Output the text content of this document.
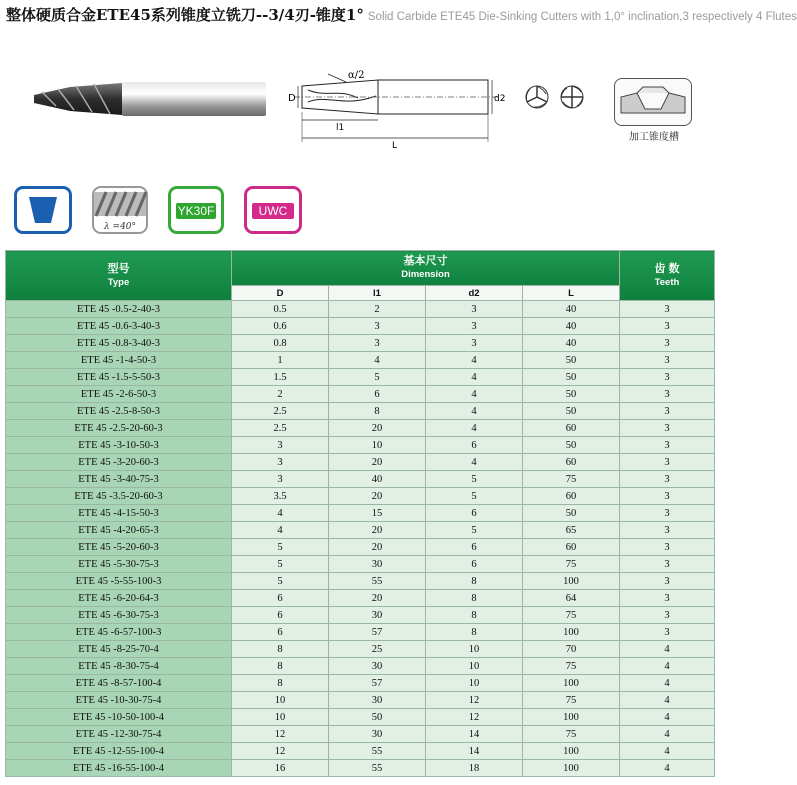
整体硬质合金ETE45系列锥度立铣刀--3/4刃-锥度1° Solid Carbide ETE45 Die-Sinking Cutters with 1,0° inclination,3 respectively 4 Flutes
α/2
D	d2
l1
L
加工锥度槽
λ =40°
YK30F	UWC
型号
Type	基本尺寸
Dimension				齿 数
Teeth

	D	l1	d2	L	
ETE 45 -0.5-2-40-3	0.5	2	3	40	3
ETE 45 -0.6-3-40-3	0.6	3	3	40	3
ETE 45 -0.8-3-40-3	0.8	3	3	40	3
ETE 45 -1-4-50-3	1	4	4	50	3
ETE 45 -1.5-5-50-3	1.5	5	4	50	3
ETE 45 -2-6-50-3	2	6	4	50	3
ETE 45 -2.5-8-50-3	2.5	8	4	50	3
ETE 45 -2.5-20-60-3	2.5	20	4	60	3
ETE 45 -3-10-50-3	3	10	6	50	3
ETE 45 -3-20-60-3	3	20	4	60	3
ETE 45 -3-40-75-3	3	40	5	75	3
ETE 45 -3.5-20-60-3	3.5	20	5	60	3
ETE 45 -4-15-50-3	4	15	6	50	3
ETE 45 -4-20-65-3	4	20	5	65	3
ETE 45 -5-20-60-3	5	20	6	60	3
ETE 45 -5-30-75-3	5	30	6	75	3
ETE 45 -5-55-100-3	5	55	8	100	3
ETE 45 -6-20-64-3	6	20	8	64	3
ETE 45 -6-30-75-3	6	30	8	75	3
ETE 45 -6-57-100-3	6	57	8	100	3
ETE 45 -8-25-70-4	8	25	10	70	4
ETE 45 -8-30-75-4	8	30	10	75	4
ETE 45 -8-57-100-4	8	57	10	100	4
ETE 45 -10-30-75-4	10	30	12	75	4
ETE 45 -10-50-100-4	10	50	12	100	4
ETE 45 -12-30-75-4	12	30	14	75	4
ETE 45 -12-55-100-4	12	55	14	100	4
ETE 45 -16-55-100-4	16	55	18	100	4
